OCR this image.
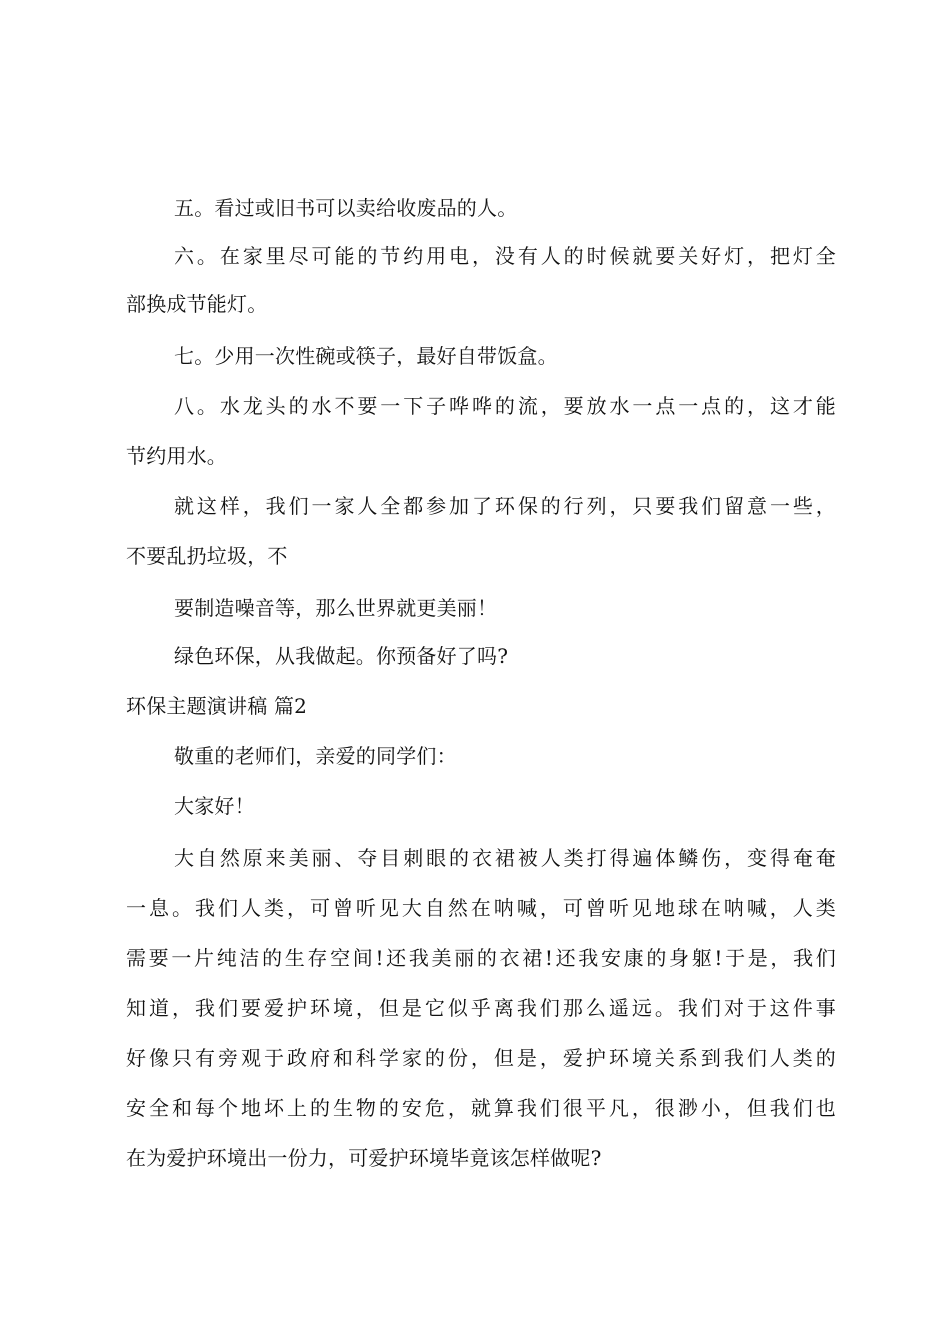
五。看过或旧书可以卖给收废品的人。
六。在家里尽可能的节约用电，没有人的时候就要关好灯，把灯全
部换成节能灯。
七。少用一次性碗或筷子，最好自带饭盒。
八。水龙头的水不要一下子哗哗的流，要放水一点一点的，这才能
节约用水。
就这样，我们一家人全都参加了环保的行列，只要我们留意一些，
不要乱扔垃圾，不
要制造噪音等，那么世界就更美丽！
绿色环保，从我做起。你预备好了吗?
环保主题演讲稿 篇2
敬重的老师们，亲爱的同学们：
大家好！
大自然原来美丽、夺目刺眼的衣裙被人类打得遍体鳞伤，变得奄奄
一息。我们人类，可曾听见大自然在呐喊，可曾听见地球在呐喊，人类
需要一片纯洁的生存空间!还我美丽的衣裙!还我安康的身躯!于是，我们
知道，我们要爱护环境，但是它似乎离我们那么遥远。我们对于这件事
好像只有旁观于政府和科学家的份，但是，爱护环境关系到我们人类的
安全和每个地坏上的生物的安危，就算我们很平凡，很渺小，但我们也
在为爱护环境出一份力，可爱护环境毕竟该怎样做呢?
